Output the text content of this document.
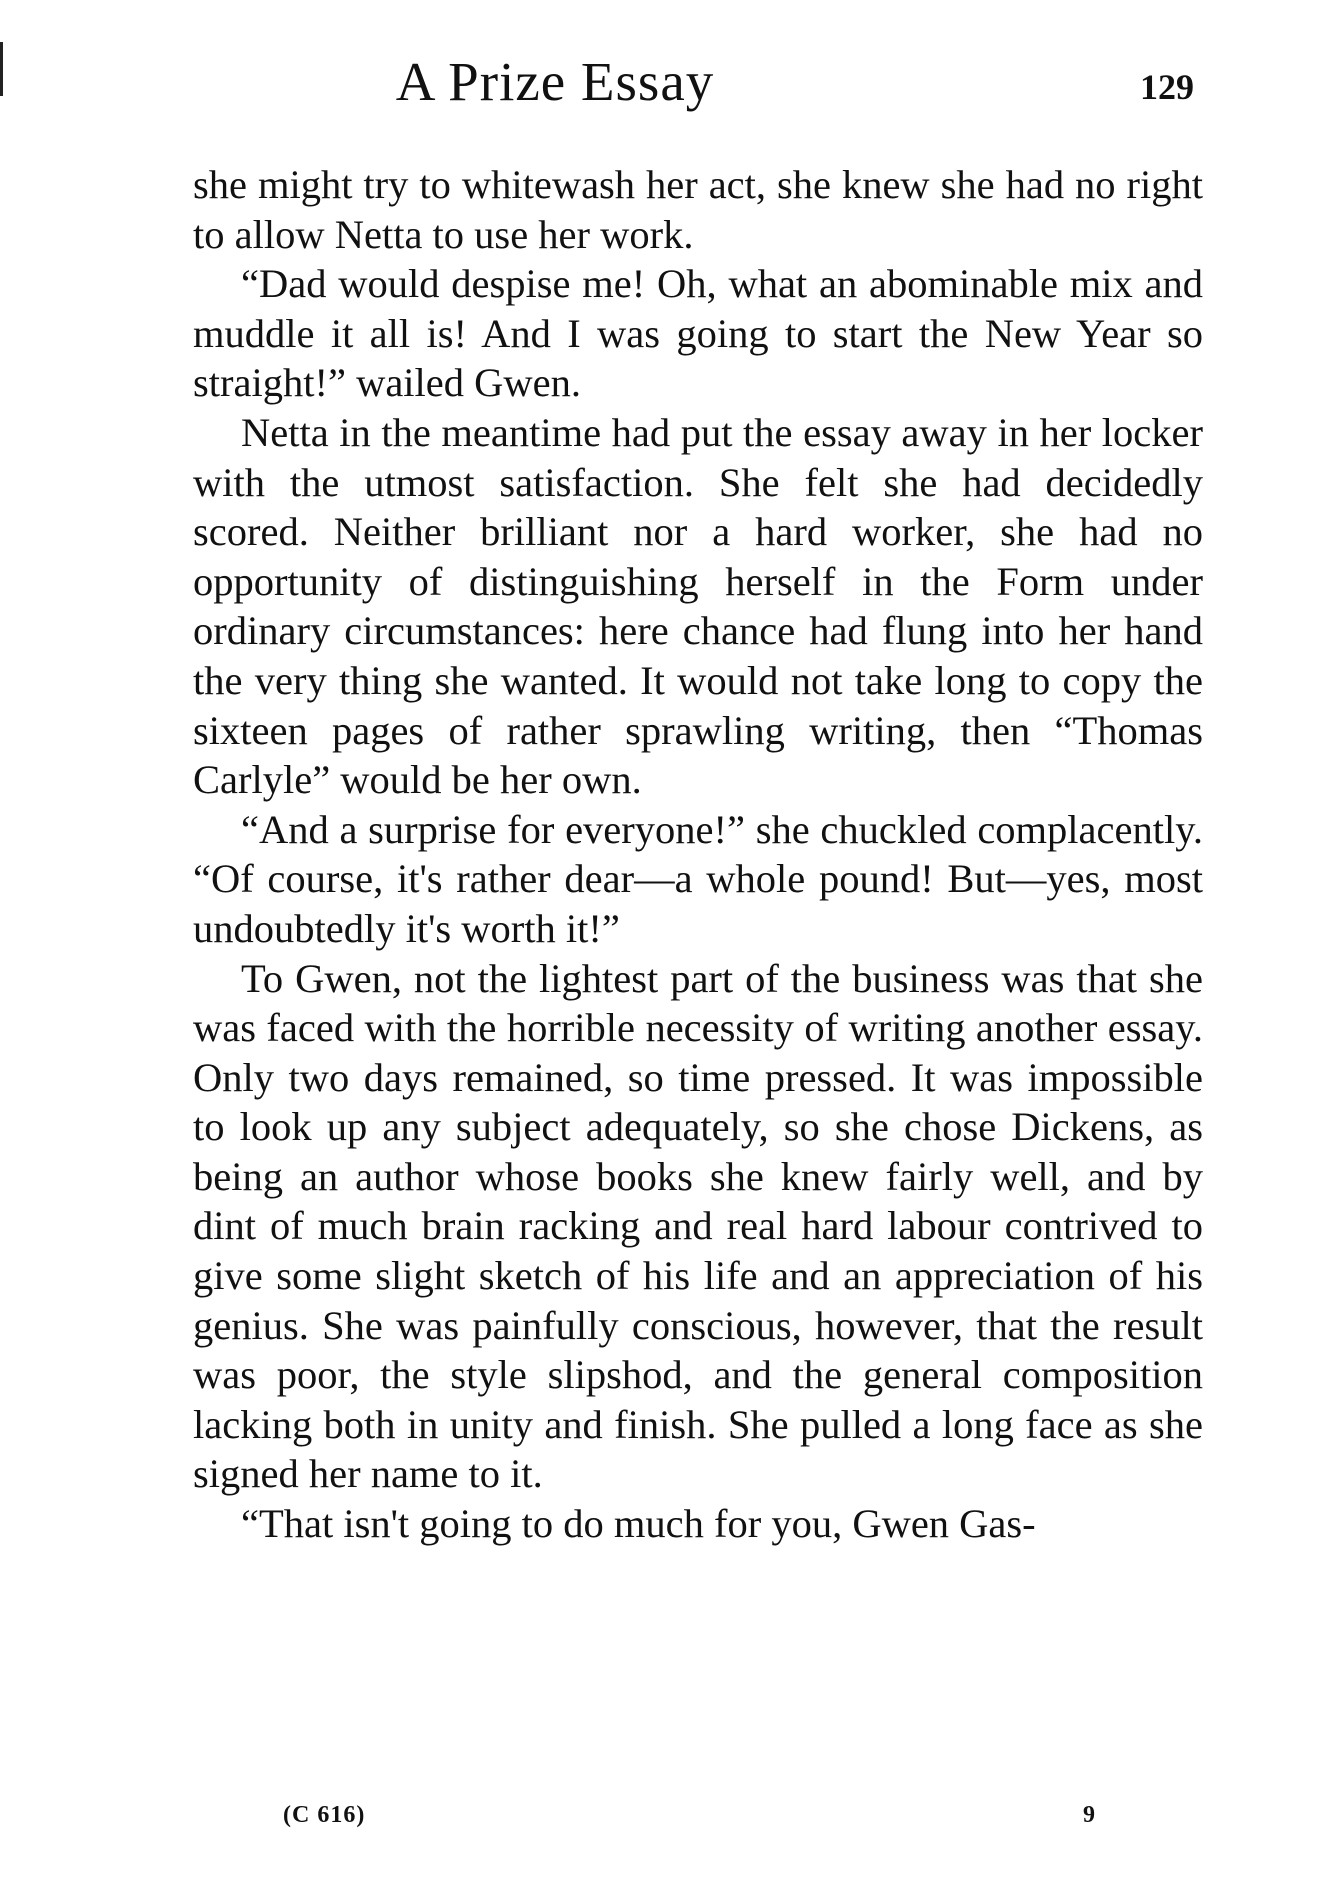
A Prize Essay	129

she might try to whitewash her act, she knew she had no right to allow Netta to use her work.

“Dad would despise me! Oh, what an abominable mix and muddle it all is! And I was going to start the New Year so straight!” wailed Gwen.

Netta in the meantime had put the essay away in her locker with the utmost satisfaction. She felt she had decidedly scored. Neither brilliant nor a hard worker, she had no opportunity of distinguishing herself in the Form under ordinary circumstances: here chance had flung into her hand the very thing she wanted. It would not take long to copy the sixteen pages of rather sprawling writing, then “Thomas Carlyle” would be her own.

“And a surprise for everyone!” she chuckled complacently. “Of course, it's rather dear—a whole pound! But—yes, most undoubtedly it's worth it!”

To Gwen, not the lightest part of the business was that she was faced with the horrible necessity of writing another essay. Only two days remained, so time pressed. It was impossible to look up any subject adequately, so she chose Dickens, as being an author whose books she knew fairly well, and by dint of much brain racking and real hard labour contrived to give some slight sketch of his life and an appreciation of his genius. She was painfully conscious, however, that the result was poor, the style slipshod, and the general composition lacking both in unity and finish. She pulled a long face as she signed her name to it.

“That isn't going to do much for you, Gwen Gas-

(C 616)	9
